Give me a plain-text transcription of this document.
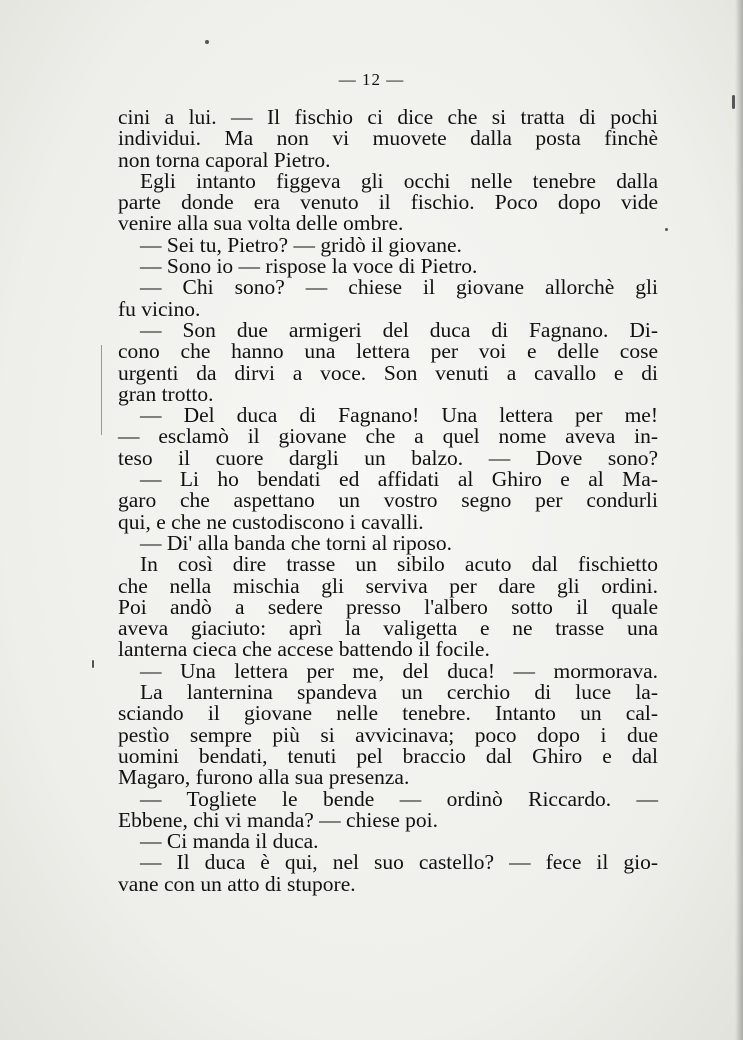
— 12 —
cini a lui. — Il fischio ci dice che si tratta di pochi
individui. Ma non vi muovete dalla posta finchè
non torna caporal Pietro.
Egli intanto figgeva gli occhi nelle tenebre dalla
parte donde era venuto il fischio. Poco dopo vide
venire alla sua volta delle ombre.
— Sei tu, Pietro? — gridò il giovane.
— Sono io — rispose la voce di Pietro.
— Chi sono? — chiese il giovane allorchè gli
fu vicino.
— Son due armigeri del duca di Fagnano. Di-
cono che hanno una lettera per voi e delle cose
urgenti da dirvi a voce. Son venuti a cavallo e di
gran trotto.
— Del duca di Fagnano! Una lettera per me!
— esclamò il giovane che a quel nome aveva in-
teso il cuore dargli un balzo. — Dove sono?
— Li ho bendati ed affidati al Ghiro e al Ma-
garo che aspettano un vostro segno per condurli
qui, e che ne custodiscono i cavalli.
— Di' alla banda che torni al riposo.
In così dire trasse un sibilo acuto dal fischietto
che nella mischia gli serviva per dare gli ordini.
Poi andò a sedere presso l'albero sotto il quale
aveva giaciuto: aprì la valigetta e ne trasse una
lanterna cieca che accese battendo il focile.
— Una lettera per me, del duca! — mormorava.
La lanternina spandeva un cerchio di luce la-
sciando il giovane nelle tenebre. Intanto un cal-
pestìo sempre più si avvicinava; poco dopo i due
uomini bendati, tenuti pel braccio dal Ghiro e dal
Magaro, furono alla sua presenza.
— Togliete le bende — ordinò Riccardo. —
Ebbene, chi vi manda? — chiese poi.
— Ci manda il duca.
— Il duca è qui, nel suo castello? — fece il gio-
vane con un atto di stupore.
